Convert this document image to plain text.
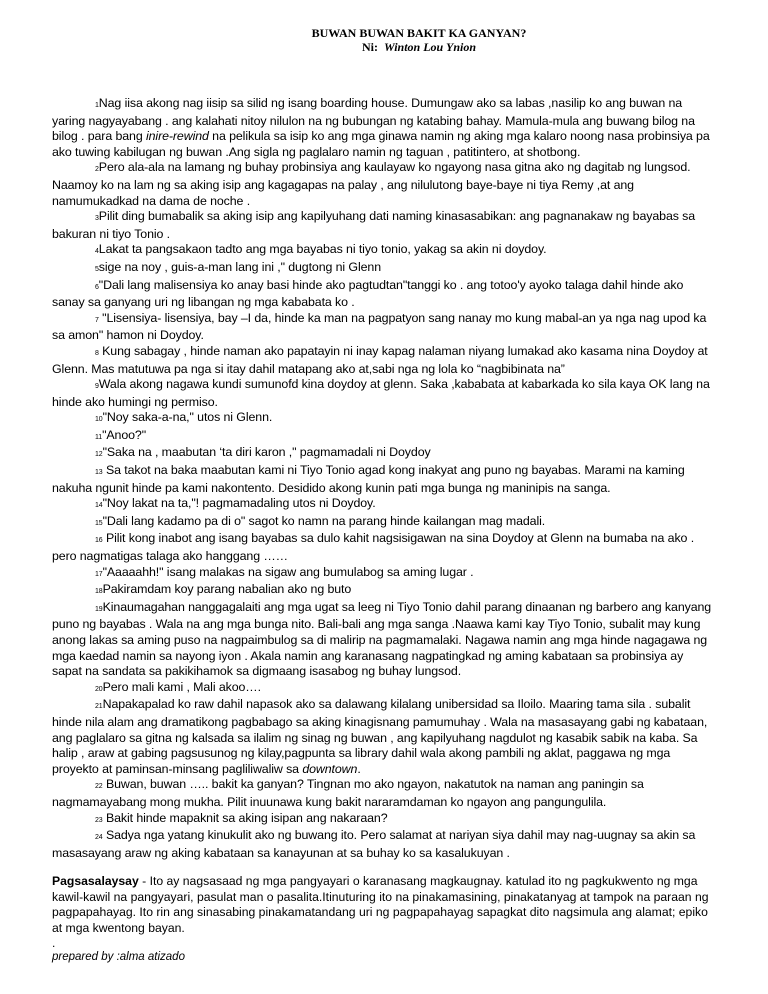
BUWAN BUWAN BAKIT KA GANYAN?
Ni: Winton Lou Ynion

1Nag iisa akong nag iisip sa silid ng isang boarding house. Dumungaw ako sa labas ,nasilip ko ang buwan na yaring nagyayabang . ang kalahati nitoy nilulon na ng bubungan ng katabing bahay. Mamula-mula ang buwang bilog na bilog . para bang inire-rewind na pelikula sa isip ko ang mga ginawa namin ng aking mga kalaro noong nasa probinsiya pa ako tuwing kabilugan ng buwan .Ang sigla ng paglalaro namin ng taguan , patitintero, at shotbong.

2Pero ala-ala na lamang ng buhay probinsiya ang kaulayaw ko ngayong nasa gitna ako ng dagitab ng lungsod. Naamoy ko na lam ng sa aking isip ang kagagapas na palay , ang nilulutong baye-baye ni tiya Remy ,at ang namumukadkad na dama de noche .

3Pilit ding bumabalik sa aking isip ang kapilyuhang dati naming kinasasabikan: ang pagnanakaw ng bayabas sa bakuran ni tiyo Tonio .

4Lakat ta pangsakaon tadto ang mga bayabas ni tiyo tonio, yakag sa akin ni doydoy.

5sige na noy , guis-a-man lang ini ," dugtong ni Glenn

6"Dali lang malisensiya ko anay basi hinde ako pagtudtan"tanggi ko . ang totoo'y ayoko talaga dahil hinde ako sanay sa ganyang uri ng libangan ng mga kababata ko .

7 "Lisensiya- lisensiya, bay –I da, hinde ka man na pagpatyon sang nanay mo kung mabal-an ya nga nag upod ka sa amon" hamon ni Doydoy.

8 Kung sabagay , hinde naman ako papatayin ni inay kapag nalaman niyang lumakad ako kasama nina Doydoy at Glenn. Mas matutuwa pa nga si itay dahil matapang ako at,sabi nga ng lola ko “nagbibinata na”

9Wala akong nagawa kundi sumunofd kina doydoy at glenn. Saka ,kababata at kabarkada ko sila kaya OK lang na hinde ako humingi ng permiso.

10"Noy saka-a-na," utos ni Glenn.

11"Anoo?"

12"Saka na , maabutan ‘ta diri karon ," pagmamadali ni Doydoy

13 Sa takot na baka maabutan kami ni Tiyo Tonio agad kong inakyat ang puno ng bayabas. Marami na kaming nakuha ngunit hinde pa kami nakontento. Desidido akong kunin pati mga bunga ng maninipis na sanga.

14"Noy lakat na ta,"! pagmamadaling utos ni Doydoy.

15"Dali lang kadamo pa di o" sagot ko namn na parang hinde kailangan mag madali.

16 Pilit kong inabot ang isang bayabas sa dulo kahit nagsisigawan na sina Doydoy at Glenn na bumaba na ako . pero nagmatigas talaga ako hanggang ……

17"Aaaaahh!" isang malakas na sigaw ang bumulabog sa aming lugar .

18Pakiramdam koy parang nabalian ako ng buto

19Kinaumagahan nanggagalaiti ang mga ugat sa leeg ni Tiyo Tonio dahil parang dinaanan ng barbero ang kanyang puno ng bayabas . Wala na ang mga bunga nito. Bali-bali ang mga sanga .Naawa kami kay Tiyo Tonio, subalit may kung anong lakas sa aming puso na nagpaimbulog sa di malirip na pagmamalaki. Nagawa namin ang mga hinde nagagawa ng mga kaedad namin sa nayong iyon . Akala namin ang karanasang nagpatingkad ng aming kabataan sa probinsiya ay sapat na sandata sa pakikihamok sa digmaang isasabog ng buhay lungsod.

20Pero mali kami , Mali akoo….

21Napakapalad ko raw dahil napasok ako sa dalawang kilalang unibersidad sa Iloilo. Maaring tama sila . subalit hinde nila alam ang dramatikong pagbabago sa aking kinagisnang pamumuhay . Wala na masasayang gabi ng kabataan, ang paglalaro sa gitna ng kalsada sa ilalim ng sinag ng buwan , ang kapilyuhang nagdulot ng kasabik sabik na kaba. Sa halip , araw at gabing pagsusunog ng kilay,pagpunta sa library dahil wala akong pambili ng aklat, paggawa ng mga proyekto at paminsan-minsang pagliliwaliw sa downtown.

22 Buwan, buwan ….. bakit ka ganyan? Tingnan mo ako ngayon, nakatutok na naman ang paningin sa nagmamayabang mong mukha. Pilit inuunawa kung bakit nararamdaman ko ngayon ang pangungulila.

23 Bakit hinde mapaknit sa aking isipan ang nakaraan?

24 Sadya nga yatang kinukulit ako ng buwang ito. Pero salamat at nariyan siya dahil may nag-uugnay sa akin sa masasayang araw ng aking kabataan sa kanayunan at sa buhay ko sa kasalukuyan .

Pagsasalaysay - Ito ay nagsasaad ng mga pangyayari o karanasang magkaugnay. katulad ito ng pagkukwento ng mga kawil-kawil na pangyayari, pasulat man o pasalita.Itinuturing ito na pinakamasining, pinakatanyag at tampok na paraan ng pagpapahayag. Ito rin ang sinasabing pinakamatandang uri ng pagpapahayag sapagkat dito nagsimula ang alamat; epiko at mga kwentong bayan.
.
prepared by :alma atizado
